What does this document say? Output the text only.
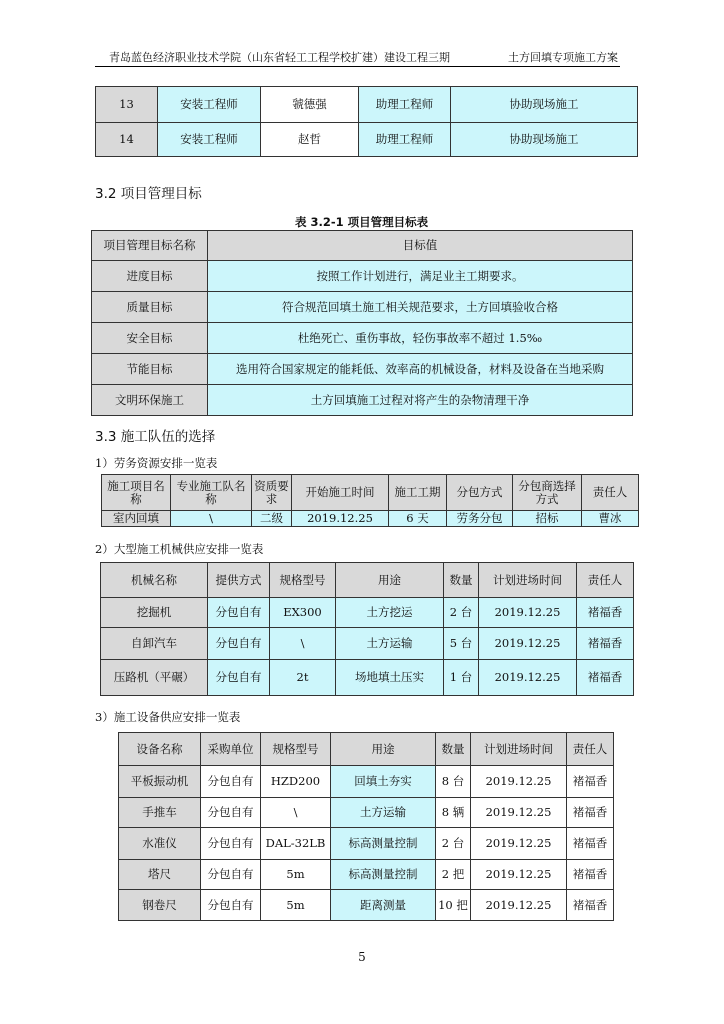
青岛蓝色经济职业技术学院（山东省轻工工程学校扩建）建设工程三期	土方回填专项施工方案
13	安装工程师	虢德强	助理工程师	协助现场施工
14	安装工程师	赵哲	助理工程师	协助现场施工
3.2 项目管理目标
表 3.2-1 项目管理目标表
项目管理目标名称	目标值
进度目标	按照工作计划进行，满足业主工期要求。
质量目标	符合规范回填土施工相关规范要求，土方回填验收合格
安全目标	杜绝死亡、重伤事故，轻伤事故率不超过 1.5‰
节能目标	选用符合国家规定的能耗低、效率高的机械设备，材料及设备在当地采购
文明环保施工	土方回填施工过程对将产生的杂物清理干净
3.3 施工队伍的选择
1）劳务资源安排一览表
施工项目名称	专业施工队名称	资质要求	开始施工时间	施工工期	分包方式	分包商选择方式	责任人
室内回填	\	二级	2019.12.25	6 天	劳务分包	招标	曹冰
2）大型施工机械供应安排一览表
机械名称	提供方式	规格型号	用途	数量	计划进场时间	责任人
挖掘机	分包自有	EX300	土方挖运	2 台	2019.12.25	褚福香
自卸汽车	分包自有	\	土方运输	5 台	2019.12.25	褚福香
压路机（平碾）	分包自有	2t	场地填土压实	1 台	2019.12.25	褚福香
3）施工设备供应安排一览表
设备名称	采购单位	规格型号	用途	数量	计划进场时间	责任人
平板振动机	分包自有	HZD200	回填土夯实	8 台	2019.12.25	褚福香
手推车	分包自有	\	土方运输	8 辆	2019.12.25	褚福香
水准仪	分包自有	DAL-32LB	标高测量控制	2 台	2019.12.25	褚福香
塔尺	分包自有	5m	标高测量控制	2 把	2019.12.25	褚福香
钢卷尺	分包自有	5m	距离测量	10 把	2019.12.25	褚福香
5
